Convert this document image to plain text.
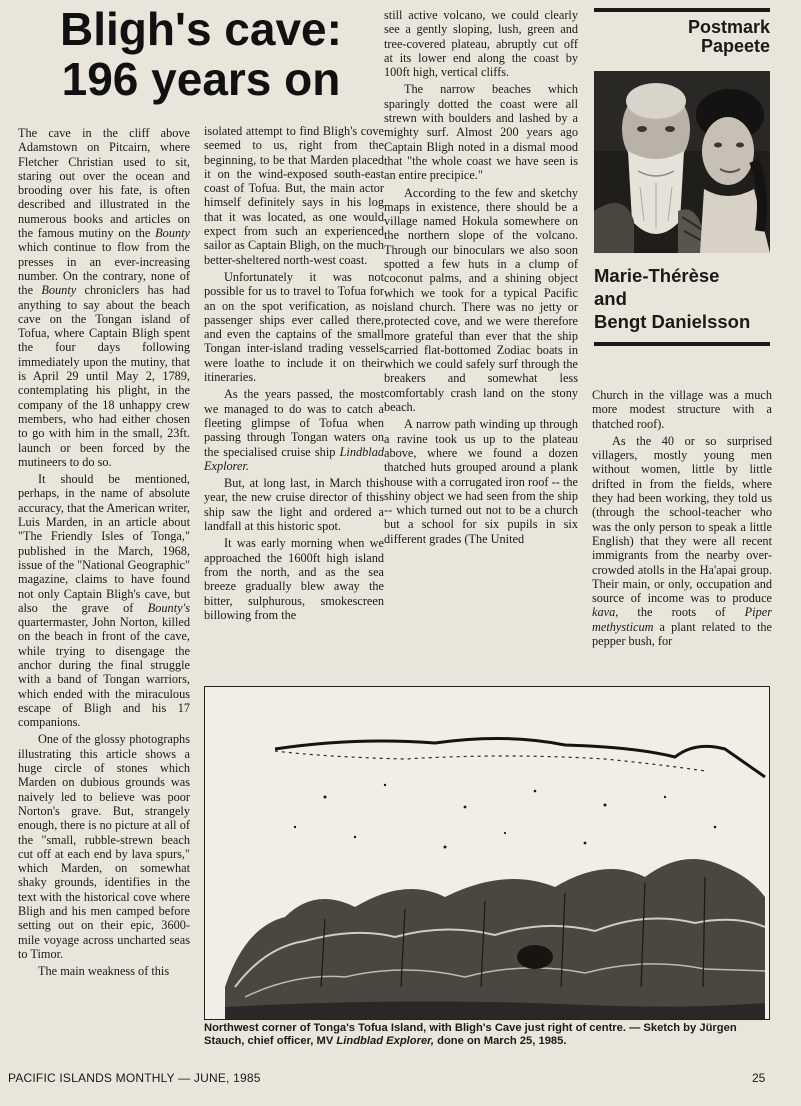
Bligh's cave:
196 years on

The cave in the cliff above Adamstown on Pitcairn, where Fletcher Christian used to sit, staring out over the ocean and brooding over his fate, is often described and illustrated in the numerous books and articles on the famous mutiny on the Bounty which continue to flow from the presses in an ever-increasing number. On the contrary, none of the Bounty chroniclers has had anything to say about the beach cave on the Tongan island of Tofua, where Captain Bligh spent the four days following immediately upon the mutiny, that is April 29 until May 2, 1789, contemplating his plight, in the company of the 18 unhappy crew members, who had either chosen to go with him in the small, 23ft. launch or been forced by the mutineers to do so.

It should be mentioned, perhaps, in the name of absolute accuracy, that the American writer, Luis Marden, in an article about "The Friendly Isles of Tonga," published in the March, 1968, issue of the "National Geographic" magazine, claims to have found not only Captain Bligh's cave, but also the grave of Bounty's quartermaster, John Norton, killed on the beach in front of the cave, while trying to disengage the anchor during the final struggle with a band of Tongan warriors, which ended with the miraculous escape of Bligh and his 17 companions.

One of the glossy photographs illustrating this article shows a huge circle of stones which Marden on dubious grounds was naively led to believe was poor Norton's grave. But, strangely enough, there is no picture at all of the "small, rubble-strewn beach cut off at each end by lava spurs," which Marden, on somewhat shaky grounds, identifies in the text with the historical cove where Bligh and his men camped before setting out on their epic, 3600-mile voyage across uncharted seas to Timor.

The main weakness of this

isolated attempt to find Bligh's cove seemed to us, right from the beginning, to be that Marden placed it on the wind-exposed south-east coast of Tofua. But, the main actor himself definitely says in his log that it was located, as one would expect from such an experienced sailor as Captain Bligh, on the much better-sheltered north-west coast.

Unfortunately it was not possible for us to travel to Tofua for an on the spot verification, as no passenger ships ever called there, and even the captains of the small Tongan inter-island trading vessels were loathe to include it on their itineraries.

As the years passed, the most we managed to do was to catch a fleeting glimpse of Tofua when passing through Tongan waters on the specialised cruise ship Lindblad Explorer.

But, at long last, in March this year, the new cruise director of this ship saw the light and ordered a landfall at this historic spot.

It was early morning when we approached the 1600ft high island from the north, and as the sea breeze gradually blew away the bitter, sulphurous, smokescreen billowing from the

still active volcano, we could clearly see a gently sloping, lush, green and tree-covered plateau, abruptly cut off at its lower end along the coast by 100ft high, vertical cliffs.

The narrow beaches which sparingly dotted the coast were all strewn with boulders and lashed by a mighty surf. Almost 200 years ago Captain Bligh noted in a dismal mood that "the whole coast we have seen is an entire precipice."

According to the few and sketchy maps in existence, there should be a village named Hokula somewhere on the northern slope of the volcano. Through our binoculars we also soon spotted a few huts in a clump of coconut palms, and a shining object which we took for a typical Pacific island church. There was no jetty or protected cove, and we were therefore more grateful than ever that the ship carried flat-bottomed Zodiac boats in which we could safely surf through the breakers and somewhat less comfortably crash land on the stony beach.

A narrow path winding up through a ravine took us up to the plateau above, where we found a dozen thatched huts grouped around a plank house with a corrugated iron roof -- the shiny object we had seen from the ship -- which turned out not to be a church but a school for six pupils in six different grades (The United

Postmark
Papeete
Marie-Thérèse
and
Bengt Danielsson

Church in the village was a much more modest structure with a thatched roof).

As the 40 or so surprised villagers, mostly young men without women, little by little drifted in from the fields, where they had been working, they told us (through the school-teacher who was the only person to speak a little English) that they were all recent immigrants from the nearby over-crowded atolls in the Ha'apai group. Their main, or only, occupation and source of income was to produce kava, the roots of Piper methysticum a plant related to the pepper bush, for

Northwest corner of Tonga's Tofua Island, with Bligh's Cave just right of centre. — Sketch by Jürgen Stauch, chief officer, MV Lindblad Explorer, done on March 25, 1985.
PACIFIC ISLANDS MONTHLY — JUNE, 1985	25
